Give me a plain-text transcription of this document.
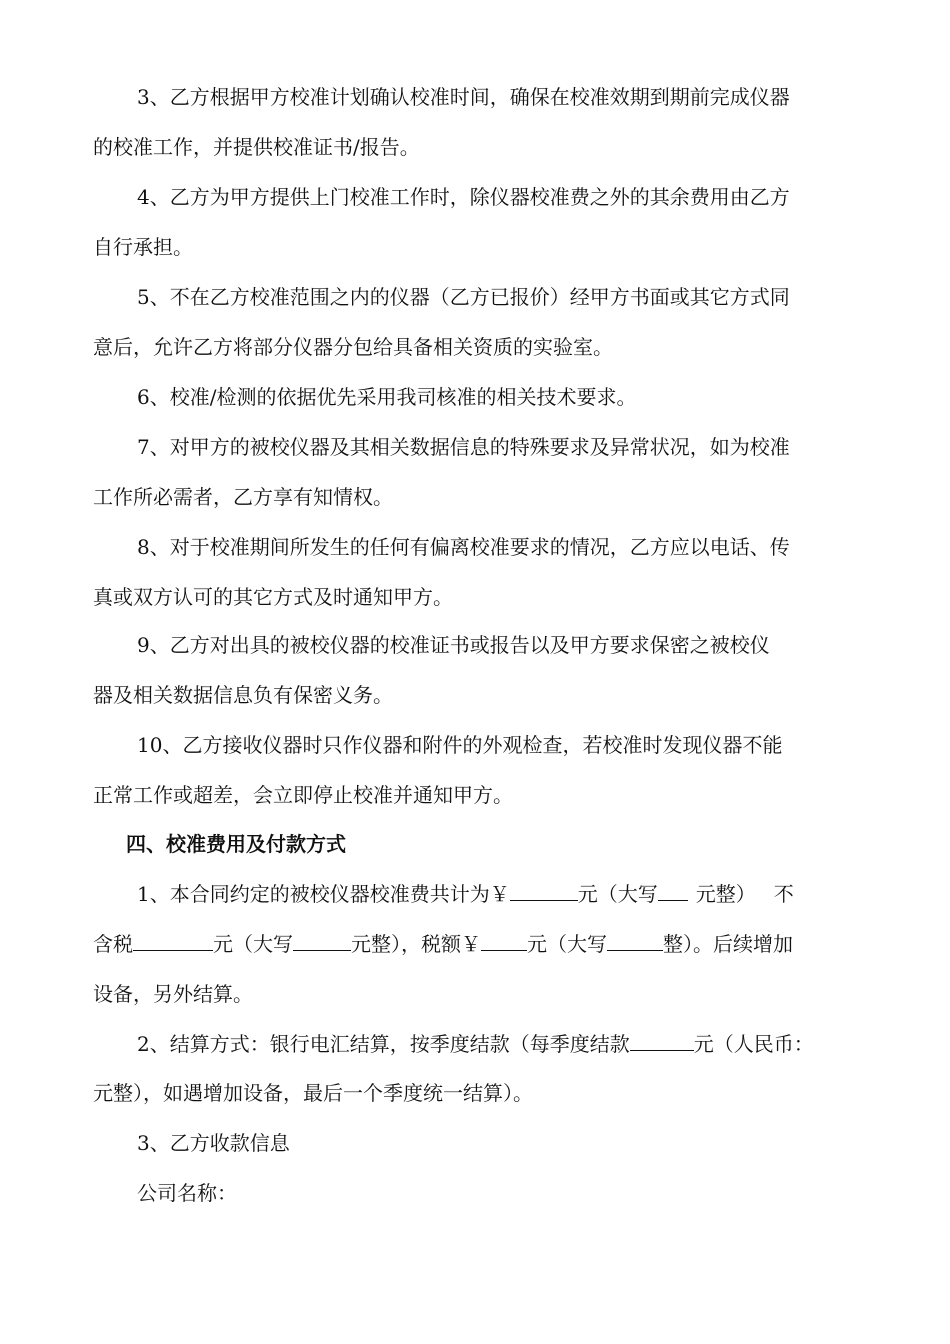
3、乙方根据甲方校准计划确认校准时间，确保在校准效期到期前完成仪器
的校准工作，并提供校准证书/报告。
4、乙方为甲方提供上门校准工作时，除仪器校准费之外的其余费用由乙方
自行承担。
5、不在乙方校准范围之内的仪器（乙方已报价）经甲方书面或其它方式同
意后，允许乙方将部分仪器分包给具备相关资质的实验室。
6、校准/检测的依据优先采用我司核准的相关技术要求。
7、对甲方的被校仪器及其相关数据信息的特殊要求及异常状况，如为校准
工作所必需者，乙方享有知情权。
8、对于校准期间所发生的任何有偏离校准要求的情况，乙方应以电话、传
真或双方认可的其它方式及时通知甲方。
9、乙方对出具的被校仪器的校准证书或报告以及甲方要求保密之被校仪
器及相关数据信息负有保密义务。
10、乙方接收仪器时只作仪器和附件的外观检查，若校准时发现仪器不能
正常工作或超差，会立即停止校准并通知甲方。
四、校准费用及付款方式
1、本合同约定的被校仪器校准费共计为￥	元（大写 元整） 不
含税	元（大写	元整），税额￥ 元（大写	整）。后续增加
设备，另外结算。
2、结算方式：银行电汇结算，按季度结款（每季度结款	元（人民币：
元整），如遇增加设备，最后一个季度统一结算）。
3、乙方收款信息
公司名称：
